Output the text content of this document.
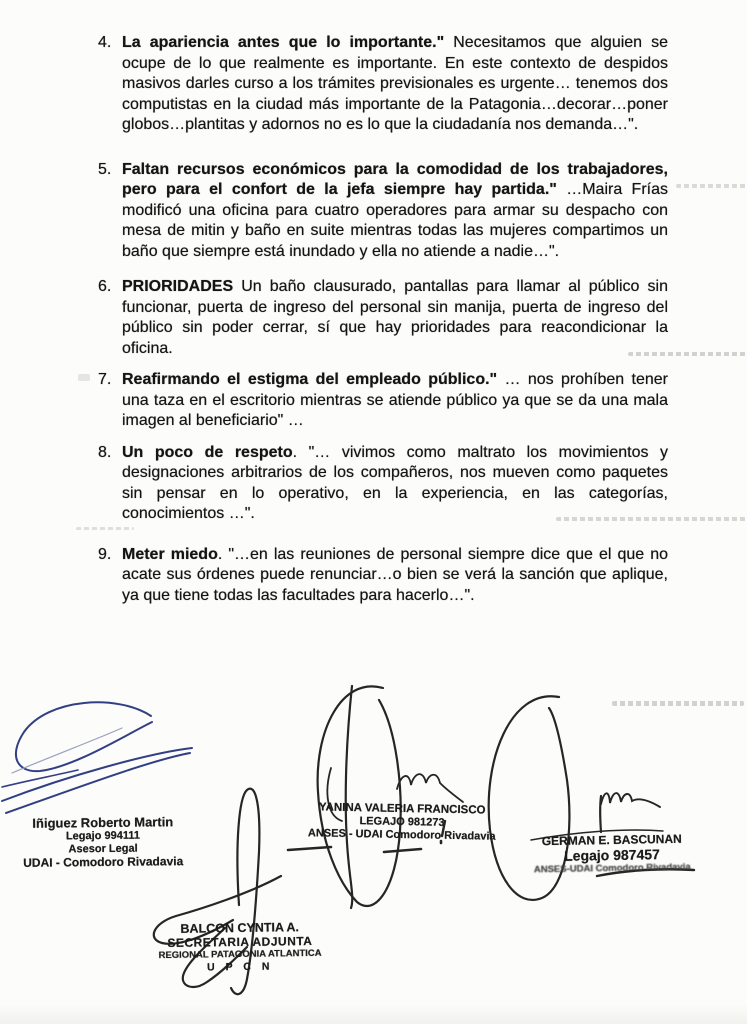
4. La apariencia antes que lo importante." Necesitamos que alguien se ocupe de lo que realmente es importante. En este contexto de despidos masivos darles curso a los trámites previsionales es urgente… tenemos dos computistas en la ciudad más importante de la Patagonia…decorar…poner globos…plantitas y adornos no es lo que la ciudadanía nos demanda…".

5. Faltan recursos económicos para la comodidad de los trabajadores, pero para el confort de la jefa siempre hay partida." …Maira Frías modificó una oficina para cuatro operadores para armar su despacho con mesa de mitin y baño en suite mientras todas las mujeres compartimos un baño que siempre está inundado y ella no atiende a nadie…".

6. PRIORIDADES Un baño clausurado, pantallas para llamar al público sin funcionar, puerta de ingreso del personal sin manija, puerta de ingreso del público sin poder cerrar, sí que hay prioridades para reacondicionar la oficina.

7. Reafirmando el estigma del empleado público." … nos prohíben tener una taza en el escritorio mientras se atiende público ya que se da una mala imagen al beneficiario" …

8. Un poco de respeto. "… vivimos como maltrato los movimientos y designaciones arbitrarios de los compañeros, nos mueven como paquetes sin pensar en lo operativo, en la experiencia, en las categorías, conocimientos …".

9. Meter miedo. "…en las reuniones de personal siempre dice que el que no acate sus órdenes puede renunciar…o bien se verá la sanción que aplique, ya que tiene todas las facultades para hacerlo…".

Iñiguez Roberto Martin
Legajo 994111
Asesor Legal
UDAI - Comodoro Rivadavia
YANINA VALERIA FRANCISCO
LEGAJO 981273
ANSES - UDAI Comodoro Rivadavia	GERMAN E. BASCUNAN
Legajo 987457
ANSES-UDAI Comodoro Rivadavia
BALCON CYNTIA A.
SECRETARIA ADJUNTA
REGIONAL PATAGONIA ATLANTICA
U P C N
